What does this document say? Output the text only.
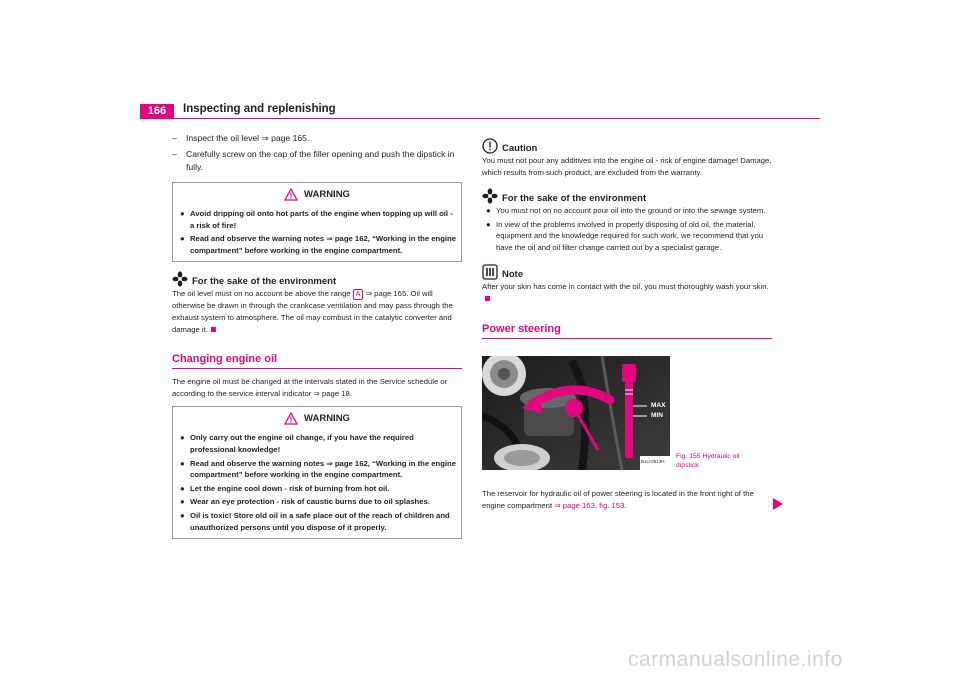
166	Inspecting and replenishing
– Inspect the oil level ⇒ page 165.
– Carefully screw on the cap of the filler opening and push the dipstick in fully.
WARNING
● Avoid dripping oil onto hot parts of the engine when topping up will oil - a risk of fire!
● Read and observe the warning notes ⇒ page 162, “Working in the engine compartment” before working in the engine compartment.
For the sake of the environment
The oil level must on no account be above the range A ⇒ page 165. Oil will otherwise be drawn in through the crankcase ventilation and may pass through the exhaust system to atmosphere. The oil may combust in the catalytic converter and damage it.
Changing engine oil
The engine oil must be changed at the intervals stated in the Service schedule or according to the service interval indicator ⇒ page 18.
WARNING
● Only carry out the engine oil change, if you have the required professional knowledge!
● Read and observe the warning notes ⇒ page 162, “Working in the engine compartment” before working in the engine compartment.
● Let the engine cool down - risk of burning from hot oil.
● Wear an eye protection - risk of caustic burns due to oil splashes.
● Oil is toxic! Store old oil in a safe place out of the reach of children and unauthorized persons until you dispose of it properly.
Caution
You must not pour any additives into the engine oil - risk of engine damage! Damage, which results from such product, are excluded from the warranty.
For the sake of the environment
● You must not on no account pour oil into the ground or into the sewage system.
● In view of the problems involved in properly disposing of old oil, the material, equipment and the knowledge required for such work, we recommend that you have the oil and oil filter change carried out by a specialist garage.
Note
After your skin has come in contact with the oil, you must thoroughly wash your skin.
Power steering
MAX
MIN
B1U-0513H
Fig. 155 Hydraulic oil
dipstick
The reservoir for hydraulic oil of power steering is located in the front right of the engine compartment ⇒ page 163, fig. 153.
carmanualsonline.info
